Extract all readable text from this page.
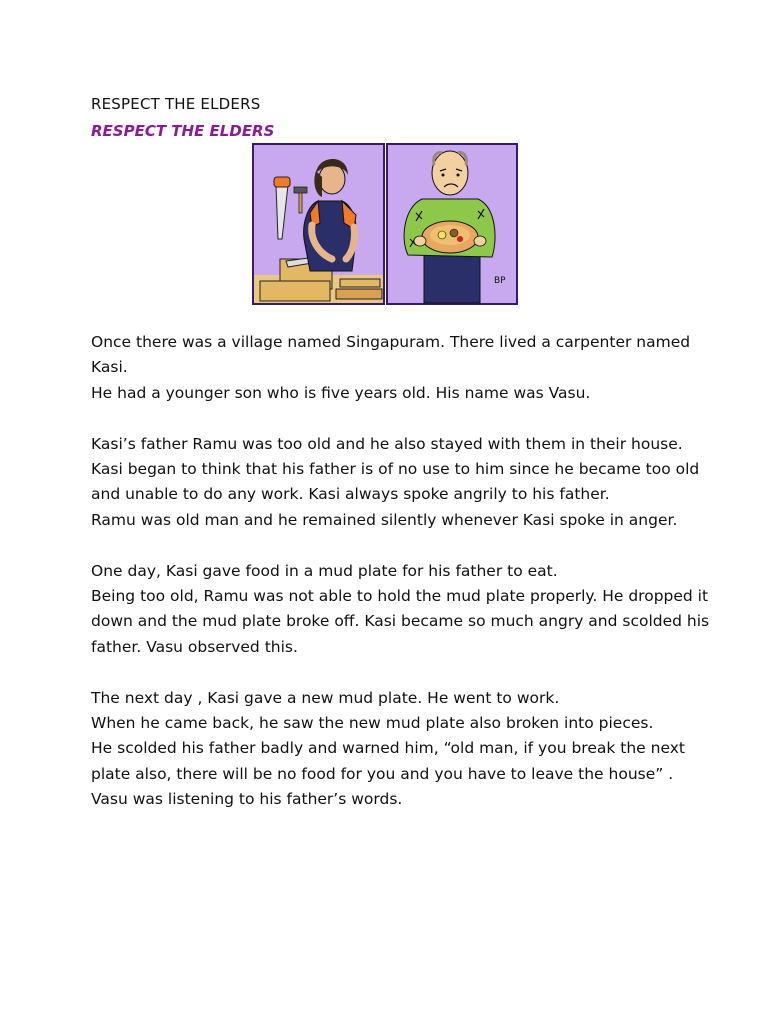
RESPECT THE ELDERS
RESPECT THE ELDERS
BP

Once there was a village named Singapuram. There lived a carpenter named Kasi.

He had a younger son who is five years old. His name was Vasu.

Kasi’s father Ramu was too old and he also stayed with them in their house.

Kasi began to think that his father is of no use to him since he became too old and unable to do any work. Kasi always spoke angrily to his father.

Ramu was old man and he remained silently whenever Kasi spoke in anger.

One day, Kasi gave food in a mud plate for his father to eat.

Being too old, Ramu was not able to hold the mud plate properly. He dropped it down and the mud plate broke off. Kasi became so much angry and scolded his father. Vasu observed this.

The next day , Kasi gave a new mud plate. He went to work.

When he came back, he saw the new mud plate also broken into pieces.

He scolded his father badly and warned him, “old man, if you break the next plate also, there will be no food for you and you have to leave the house” . Vasu was listening to his father’s words.
